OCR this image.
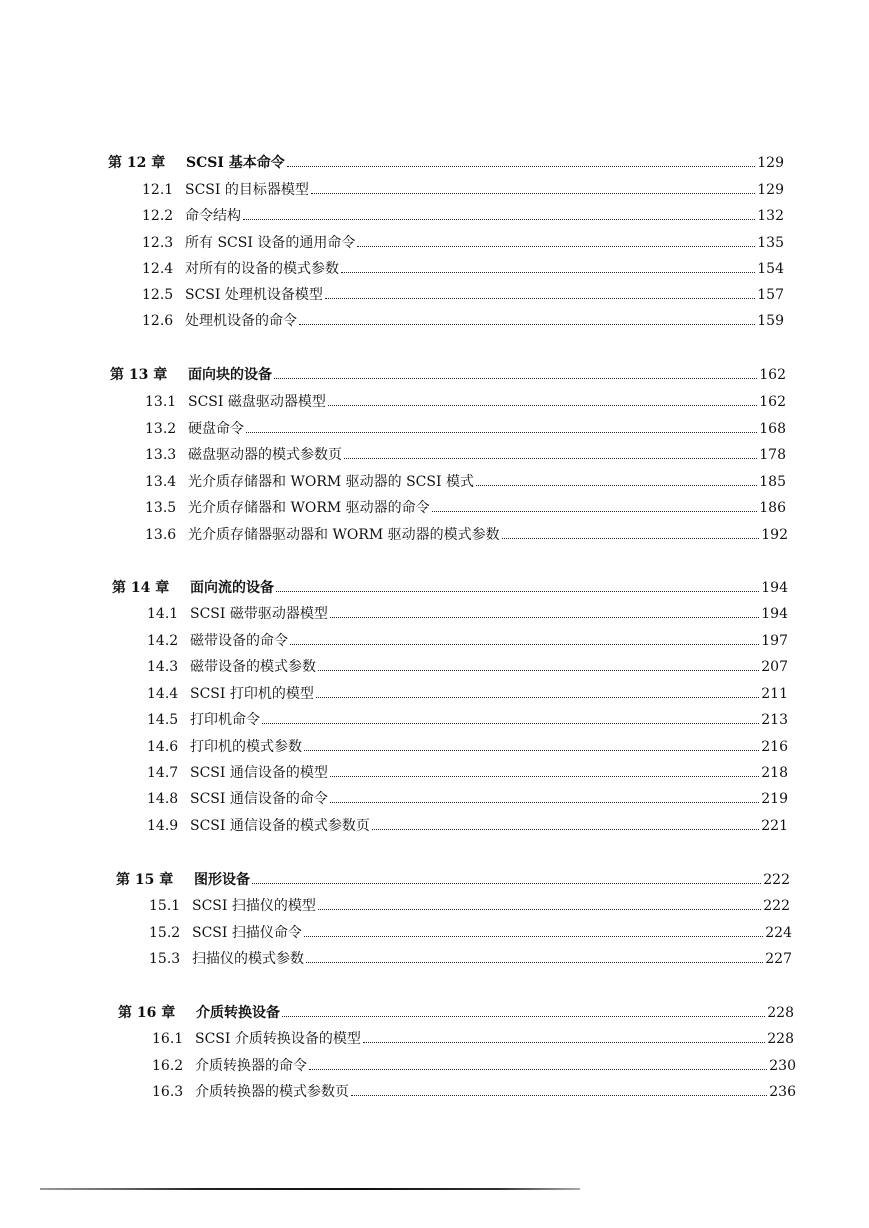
第 12 章	SCSI 基本命令	129
12.1 SCSI 的目标器模型	129
12.2 命令结构	132
12.3 所有 SCSI 设备的通用命令	135
12.4 对所有的设备的模式参数	154
12.5 SCSI 处理机设备模型	157
12.6 处理机设备的命令	159
第 13 章	面向块的设备	162
13.1 SCSI 磁盘驱动器模型	162
13.2 硬盘命令	168
13.3 磁盘驱动器的模式参数页	178
13.4 光介质存储器和 WORM 驱动器的 SCSI 模式	185
13.5 光介质存储器和 WORM 驱动器的命令	186
13.6 光介质存储器驱动器和 WORM 驱动器的模式参数	192
第 14 章	面向流的设备	194
14.1 SCSI 磁带驱动器模型	194
14.2 磁带设备的命令	197
14.3 磁带设备的模式参数	207
14.4 SCSI 打印机的模型	211
14.5 打印机命令	213
14.6 打印机的模式参数	216
14.7 SCSI 通信设备的模型	218
14.8 SCSI 通信设备的命令	219
14.9 SCSI 通信设备的模式参数页	221
第 15 章	图形设备	222
15.1 SCSI 扫描仪的模型	222
15.2 SCSI 扫描仪命令	224
15.3 扫描仪的模式参数	227
第 16 章	介质转换设备	228
16.1 SCSI 介质转换设备的模型	228
16.2 介质转换器的命令	230
16.3 介质转换器的模式参数页	236
